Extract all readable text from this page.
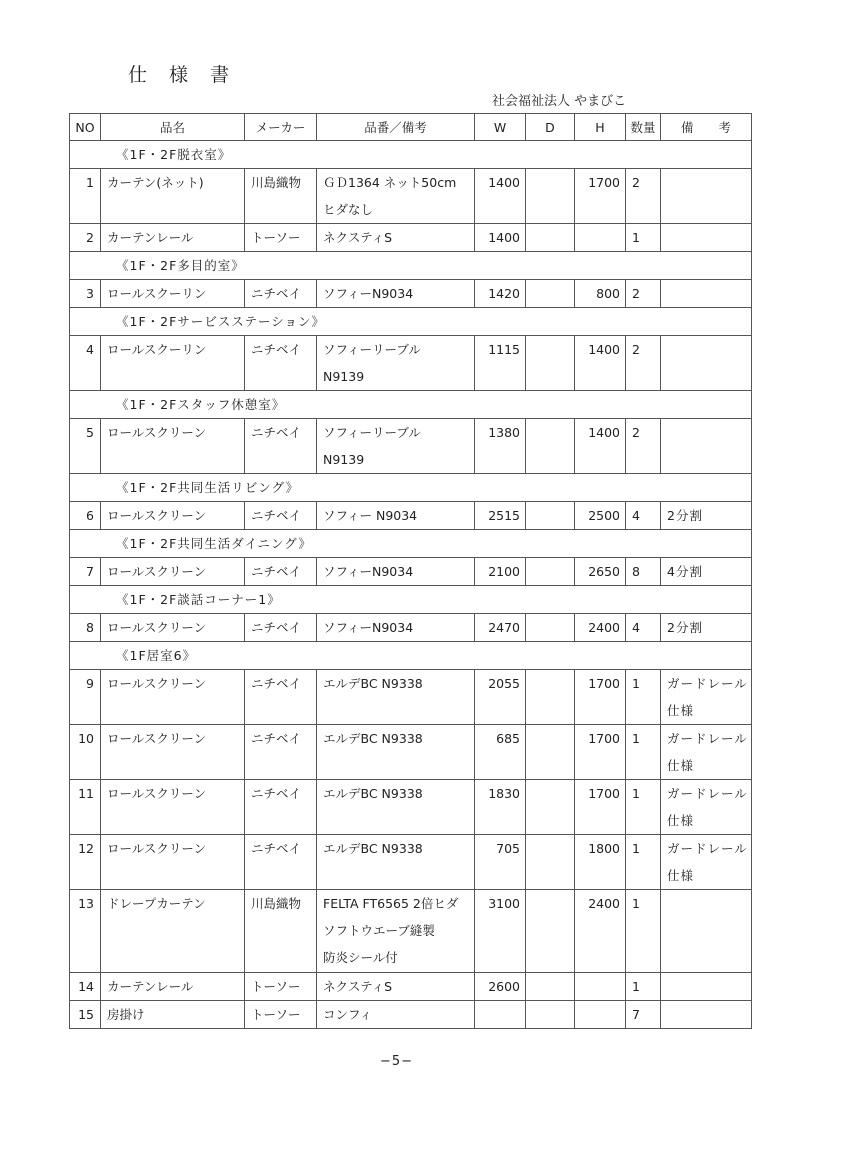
仕様書
社会福祉法人 やまびこ
NO	品名	メーカー	品番／備考	W	D	H	数量	備　　考
《1F・2F脱衣室》								
1	カーテン(ネット)	川島織物	ＧＤ1364 ネット50cm
ヒダなし	1400		1700	2	
2	カーテンレール	トーソー	ネクスティS	1400			1	
《1F・2F多目的室》								
3	ロールスクーリン	ニチベイ	ソフィーN9034	1420		800	2	
《1F・2Fサービスステーション》								
4	ロールスクーリン	ニチベイ	ソフィーリーブル
N9139	1115		1400	2	
《1F・2Fスタッフ休憩室》								
5	ロールスクリーン	ニチベイ	ソフィーリーブル
N9139	1380		1400	2	
《1F・2F共同生活リビング》								
6	ロールスクリーン	ニチベイ	ソフィー N9034	2515		2500	4	2分割

《1F・2F共同生活ダイニング》								
7	ロールスクリーン	ニチベイ	ソフィーN9034	2100		2650	8	4分割

《1F・2F談話コーナー1》								
8	ロールスクリーン	ニチベイ	ソフィーN9034	2470		2400	4	2分割

《1F居室6》								
9	ロールスクリーン	ニチベイ	エルデBC N9338	2055		1700	1	ガードレール
仕様

10	ロールスクリーン	ニチベイ	エルデBC N9338	685		1700	1	ガードレール
仕様

11	ロールスクリーン	ニチベイ	エルデBC N9338	1830		1700	1	ガードレール
仕様

12	ロールスクリーン	ニチベイ	エルデBC N9338	705		1800	1	ガードレール
仕様

13	ドレープカーテン	川島織物	FELTA FT6565 2倍ヒダ
ソフトウエーブ縫製
防炎シール付	3100		2400	1	
14	カーテンレール	トーソー	ネクスティS	2600			1	
15	房掛け	トーソー	コンフィ				7	
−5−
